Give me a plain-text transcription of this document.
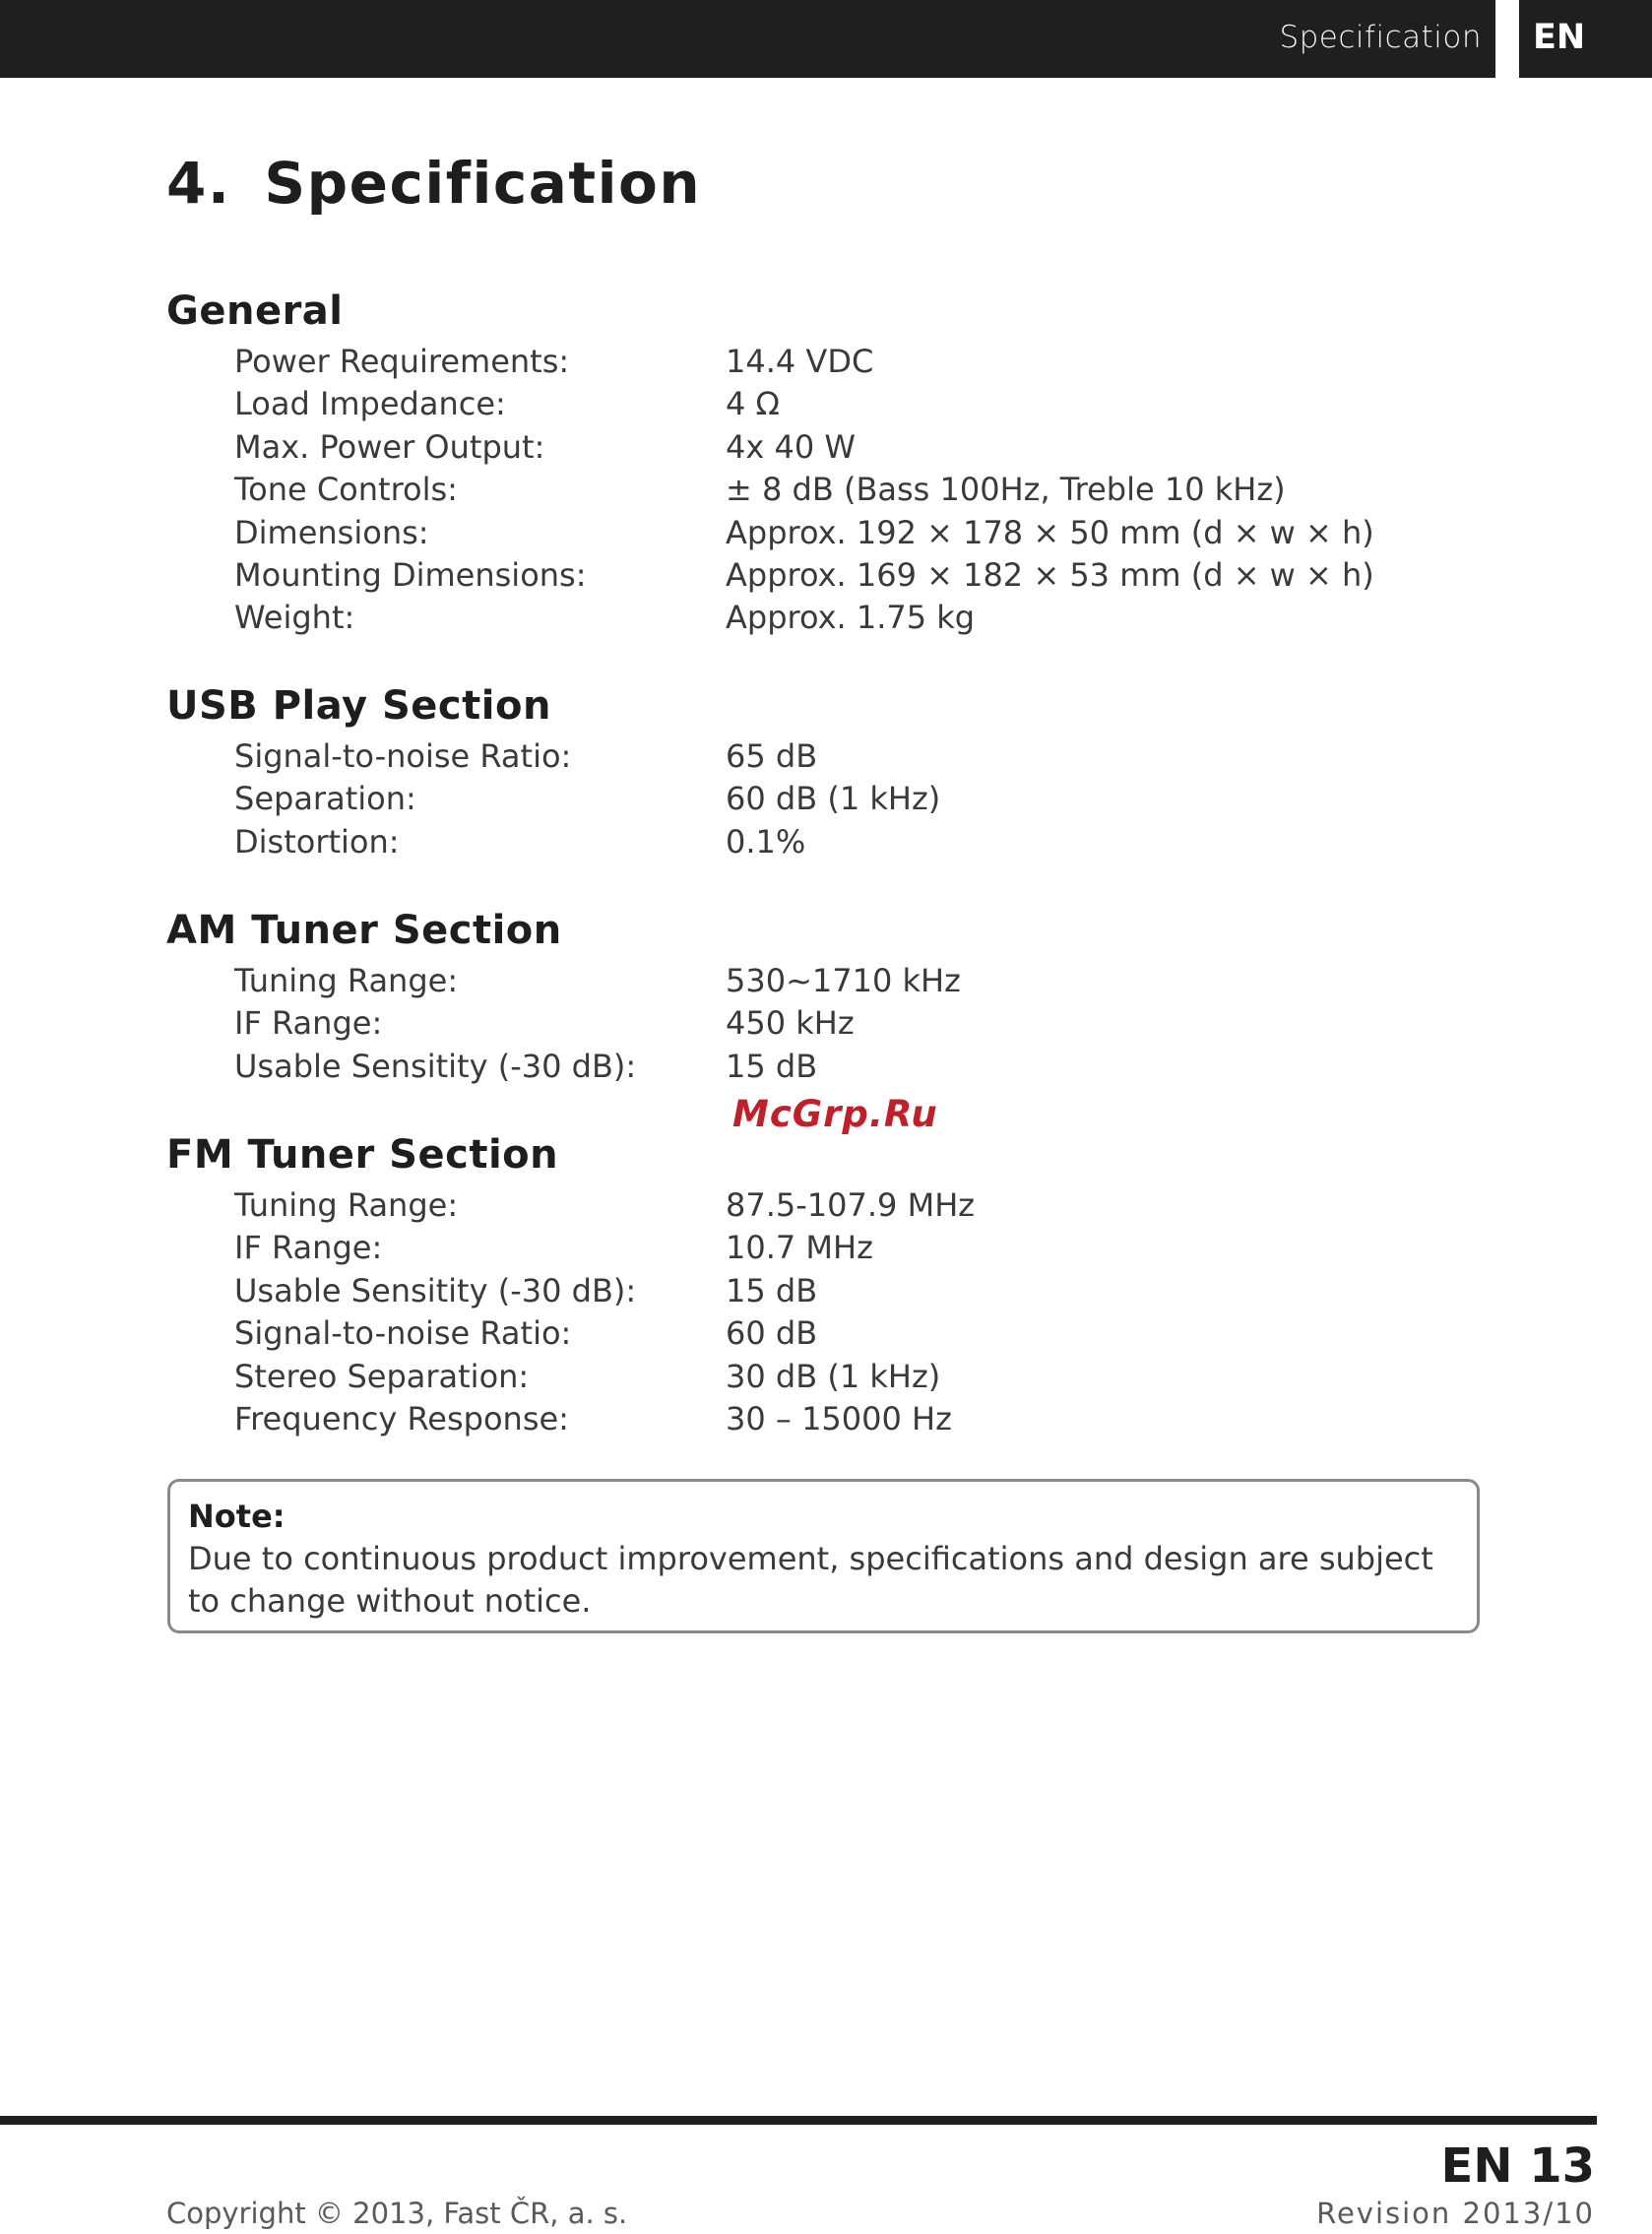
Specification EN
4. Specification
General
Power Requirements:	14.4 VDC
Load Impedance:	4 Ω
Max. Power Output:	4x 40 W
Tone Controls:	± 8 dB (Bass 100Hz, Treble 10 kHz)
Dimensions:	Approx. 192 × 178 × 50 mm (d × w × h)
Mounting Dimensions:	Approx. 169 × 182 × 53 mm (d × w × h)
Weight:	Approx. 1.75 kg
USB Play Section
Signal-to-noise Ratio:	65 dB
Separation:	60 dB (1 kHz)
Distortion:	0.1%
AM Tuner Section
Tuning Range:	530~1710 kHz
IF Range:	450 kHz
Usable Sensitity (-30 dB):	15 dB
McGrp.Ru
FM Tuner Section
Tuning Range:	87.5-107.9 MHz
IF Range:	10.7 MHz
Usable Sensitity (-30 dB):	15 dB
Signal-to-noise Ratio:	60 dB
Stereo Separation:	30 dB (1 kHz)
Frequency Response:	30 – 15000 Hz
Note:
Due to continuous product improvement, specifications and design are subject to change without notice.
EN 13
Copyright © 2013, Fast ČR, a. s.	Revision 2013/10
